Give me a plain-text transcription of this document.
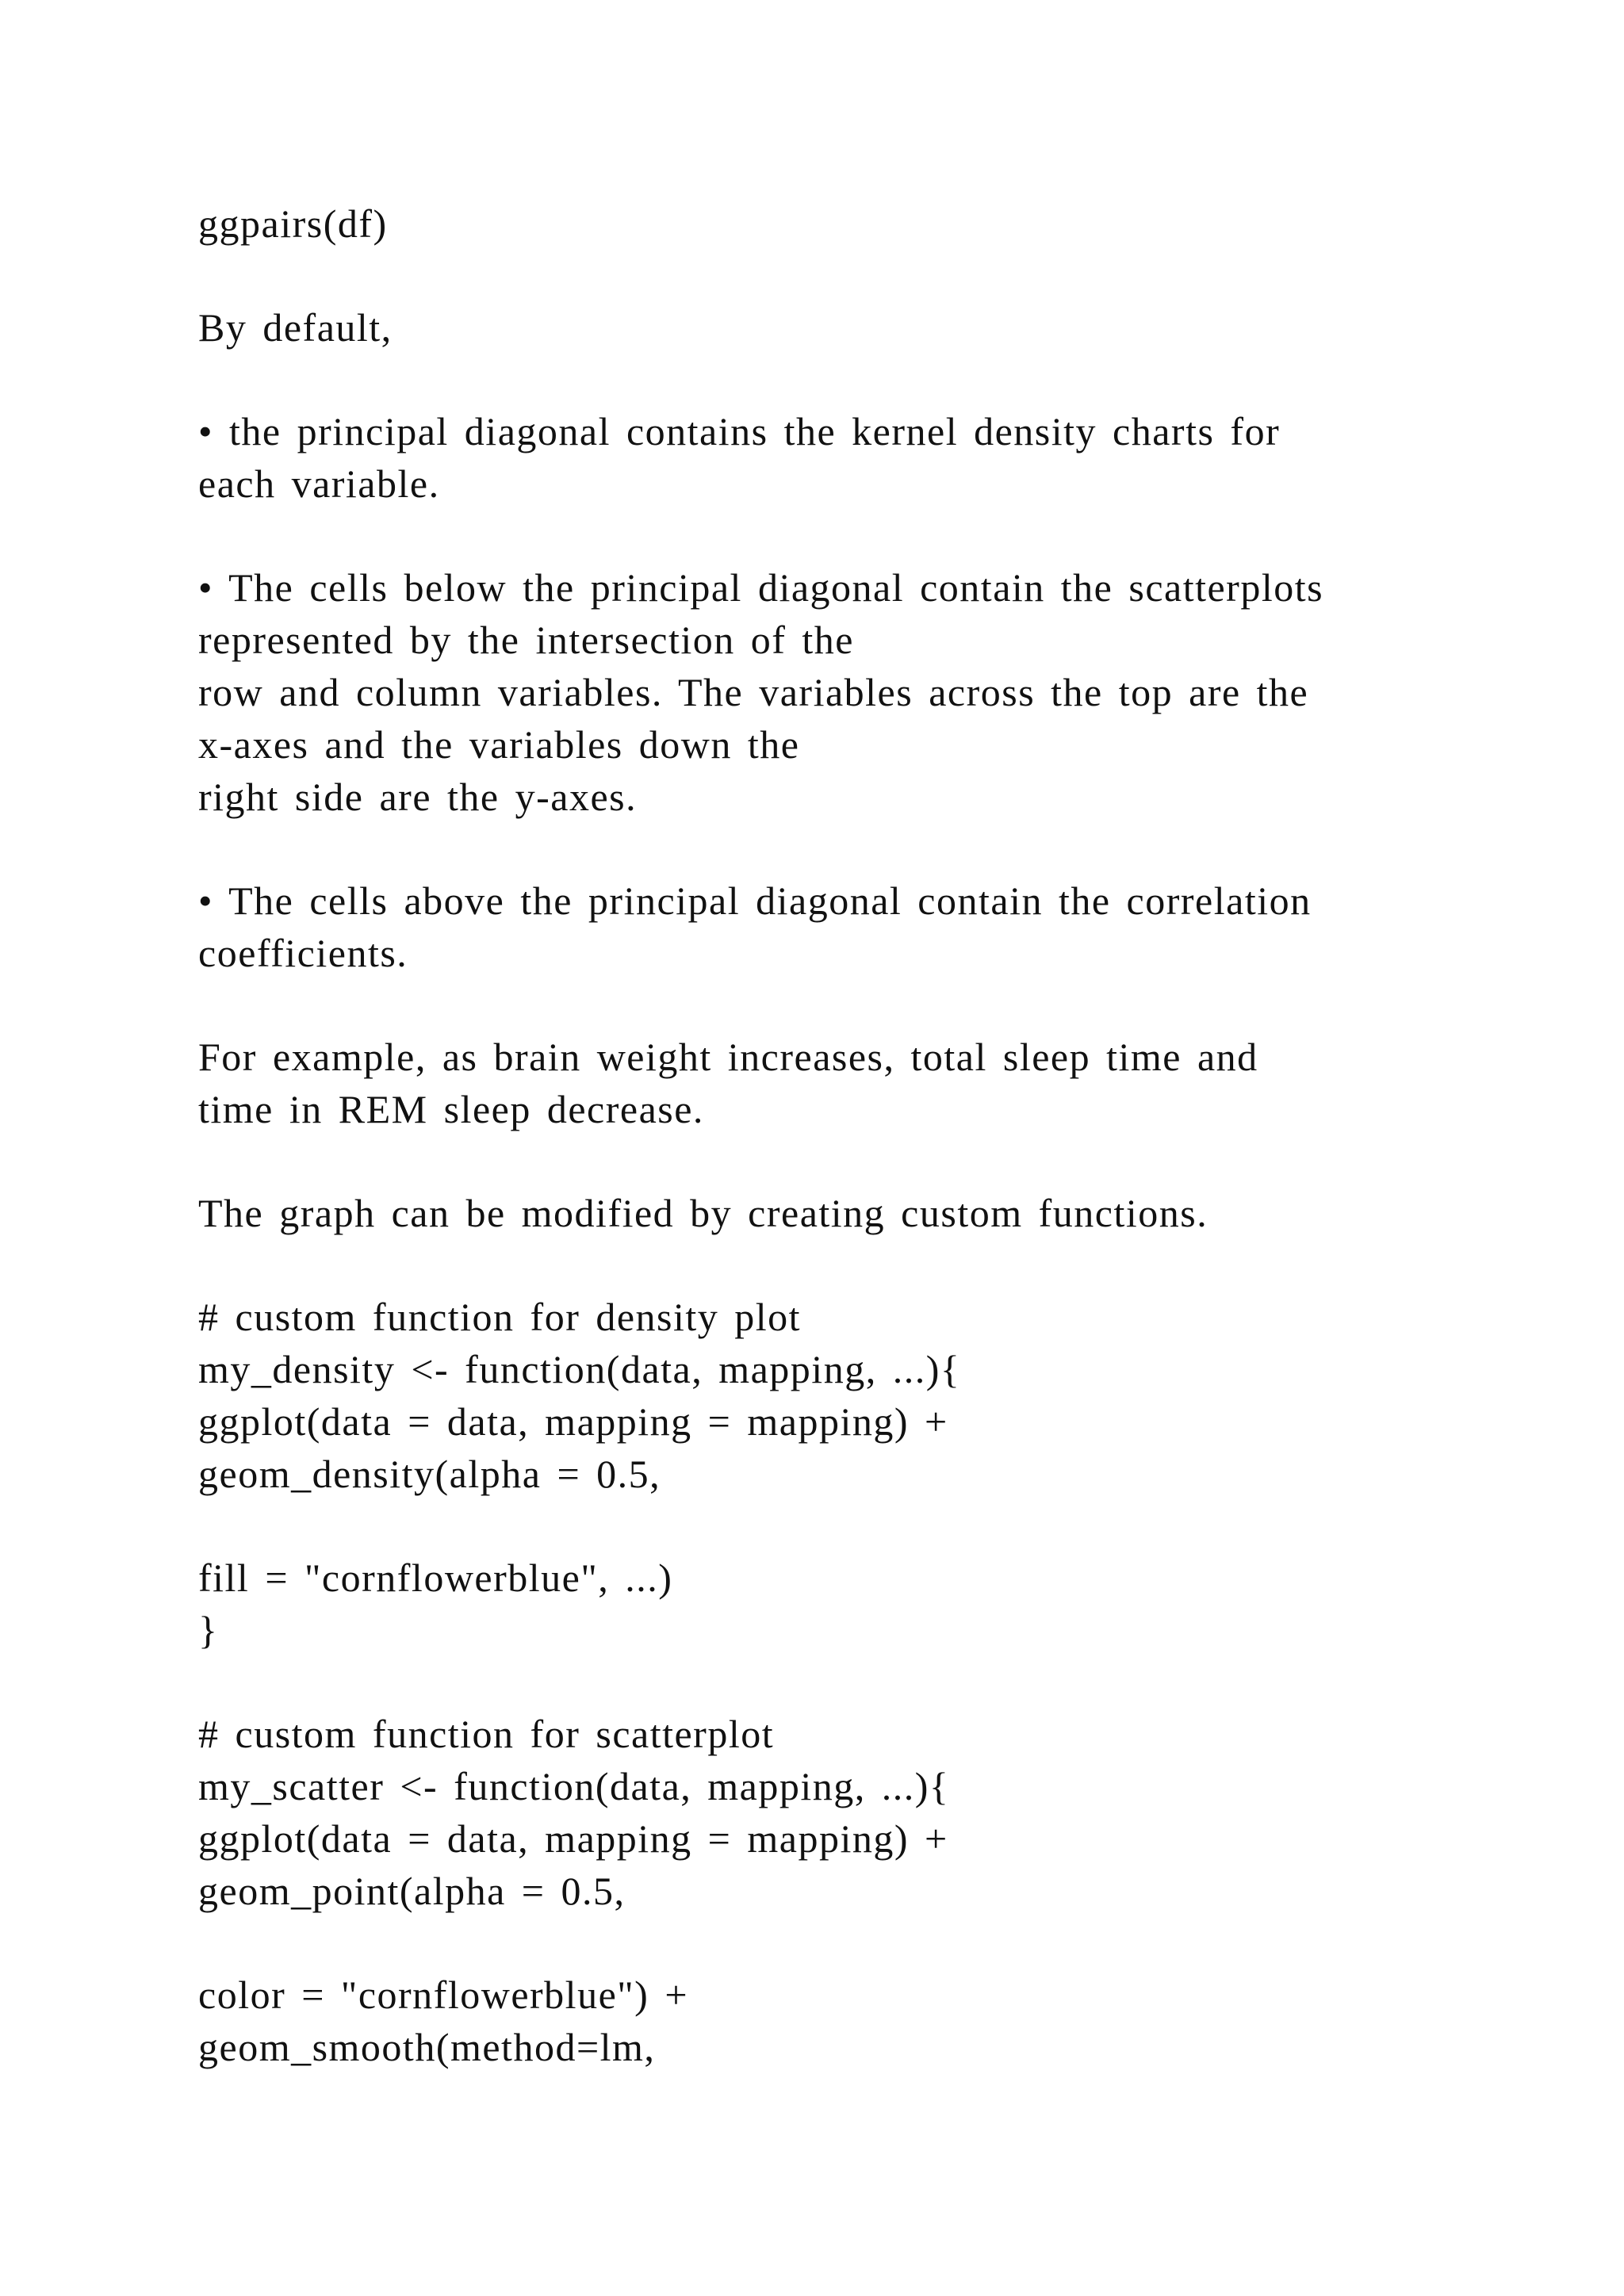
ggpairs(df)
By default,
• the principal diagonal contains the kernel density charts for
each variable.
• The cells below the principal diagonal contain the scatterplots
represented by the intersection of the
row and column variables. The variables across the top are the
x-axes and the variables down the
right side are the y-axes.
• The cells above the principal diagonal contain the correlation
coefficients.
For example, as brain weight increases, total sleep time and
time in REM sleep decrease.
The graph can be modified by creating custom functions.
# custom function for density plot
my_density <- function(data, mapping, ...){
ggplot(data = data, mapping = mapping) +
geom_density(alpha = 0.5,
fill = "cornflowerblue", ...)
}
# custom function for scatterplot
my_scatter <- function(data, mapping, ...){
ggplot(data = data, mapping = mapping) +
geom_point(alpha = 0.5,
color = "cornflowerblue") +
geom_smooth(method=lm,
